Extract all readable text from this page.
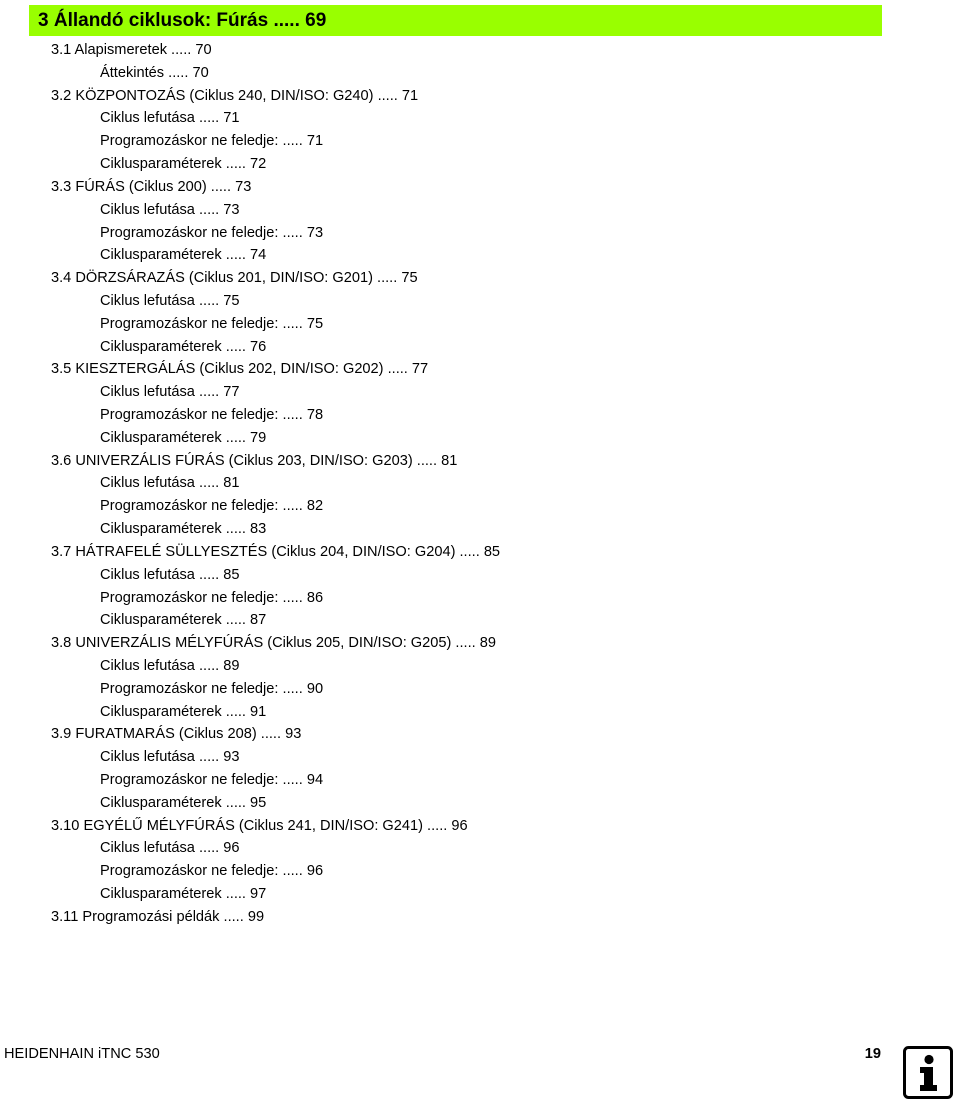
3 Állandó ciklusok: Fúrás ..... 69
3.1 Alapismeretek ..... 70
Áttekintés ..... 70
3.2 KÖZPONTOZÁS (Ciklus 240, DIN/ISO: G240) ..... 71
Ciklus lefutása ..... 71
Programozáskor ne feledje: ..... 71
Ciklusparaméterek ..... 72
3.3 FÚRÁS (Ciklus 200) ..... 73
Ciklus lefutása ..... 73
Programozáskor ne feledje: ..... 73
Ciklusparaméterek ..... 74
3.4 DÖRZSÁRAZÁS (Ciklus 201, DIN/ISO: G201) ..... 75
Ciklus lefutása ..... 75
Programozáskor ne feledje: ..... 75
Ciklusparaméterek ..... 76
3.5 KIESZTERGÁLÁS (Ciklus 202, DIN/ISO: G202) ..... 77
Ciklus lefutása ..... 77
Programozáskor ne feledje: ..... 78
Ciklusparaméterek ..... 79
3.6 UNIVERZÁLIS FÚRÁS (Ciklus 203, DIN/ISO: G203) ..... 81
Ciklus lefutása ..... 81
Programozáskor ne feledje: ..... 82
Ciklusparaméterek ..... 83
3.7 HÁTRAFELÉ SÜLLYESZTÉS (Ciklus 204, DIN/ISO: G204) ..... 85
Ciklus lefutása ..... 85
Programozáskor ne feledje: ..... 86
Ciklusparaméterek ..... 87
3.8 UNIVERZÁLIS MÉLYFÚRÁS (Ciklus 205, DIN/ISO: G205) ..... 89
Ciklus lefutása ..... 89
Programozáskor ne feledje: ..... 90
Ciklusparaméterek ..... 91
3.9 FURATMARÁS (Ciklus 208) ..... 93
Ciklus lefutása ..... 93
Programozáskor ne feledje: ..... 94
Ciklusparaméterek ..... 95
3.10 EGYÉLŰ MÉLYFÚRÁS (Ciklus 241, DIN/ISO: G241) ..... 96
Ciklus lefutása ..... 96
Programozáskor ne feledje: ..... 96
Ciklusparaméterek ..... 97
3.11 Programozási példák ..... 99
HEIDENHAIN iTNC 530	19
